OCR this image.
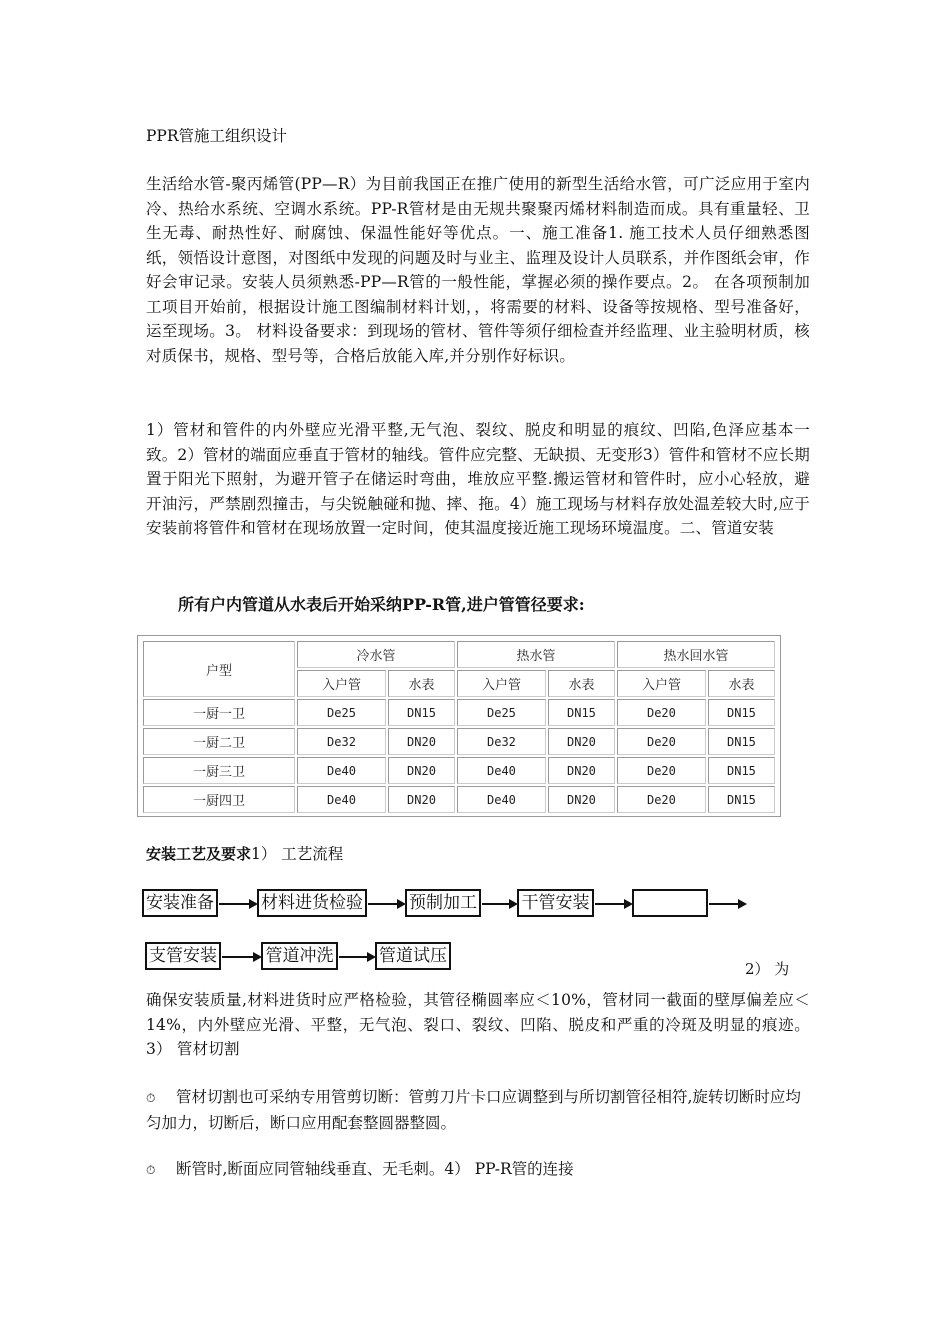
PPR管施工组织设计
生活给水管-聚丙烯管(PP—R）为目前我国正在推广使用的新型生活给水管，可广泛应用于室内冷、热给水系统、空调水系统。PP-R管材是由无规共聚聚丙烯材料制造而成。具有重量轻、卫生无毒、耐热性好、耐腐蚀、保温性能好等优点。一、施工准备1. 施工技术人员仔细熟悉图纸，领悟设计意图，对图纸中发现的问题及时与业主、监理及设计人员联系，并作图纸会审，作好会审记录。安装人员须熟悉-PP—R管的一般性能，掌握必须的操作要点。2。 在各项预制加工项目开始前，根据设计施工图编制材料计划，，将需要的材料、设备等按规格、型号准备好，运至现场。3。 材料设备要求：到现场的管材、管件等须仔细检查并经监理、业主验明材质，核对质保书，规格、型号等，合格后放能入库,并分别作好标识。
1）管材和管件的内外壁应光滑平整,无气泡、裂纹、脱皮和明显的痕纹、凹陷,色泽应基本一致。2）管材的端面应垂直于管材的轴线。管件应完整、无缺损、无变形3）管件和管材不应长期置于阳光下照射，为避开管子在储运时弯曲，堆放应平整.搬运管材和管件时，应小心轻放，避开油污，严禁剧烈撞击，与尖锐触碰和抛、摔、拖。4）施工现场与材料存放处温差较大时,应于安装前将管件和管材在现场放置一定时间，使其温度接近施工现场环境温度。二、管道安装
所有户内管道从水表后开始采纳PP-R管,进户管管径要求:
户型	冷水管		热水管		热水回水管	
	入户管	水表	入户管	水表	入户管	水表
一厨一卫	De25	DN15	De25	DN15	De20	DN15
一厨二卫	De32	DN20	De32	DN20	De20	DN15
一厨三卫	De40	DN20	De40	DN20	De20	DN15
一厨四卫	De40	DN20	De40	DN20	De20	DN15
安装工艺及要求1） 工艺流程
安装准备	材料进货检验	预制加工	干管安装
支管安装	管道冲洗	管道试压
2） 为
确保安装质量,材料进货时应严格检验，其管径椭圆率应＜10%，管材同一截面的壁厚偏差应＜14%，内外壁应光滑、平整，无气泡、裂口、裂纹、凹陷、脱皮和严重的冷斑及明显的痕迹。3） 管材切割
⏱ 管材切割也可采纳专用管剪切断：管剪刀片卡口应调整到与所切割管径相符,旋转切断时应均匀加力，切断后，断口应用配套整圆器整圆。
⏱ 断管时,断面应同管轴线垂直、无毛刺。4） PP-R管的连接
